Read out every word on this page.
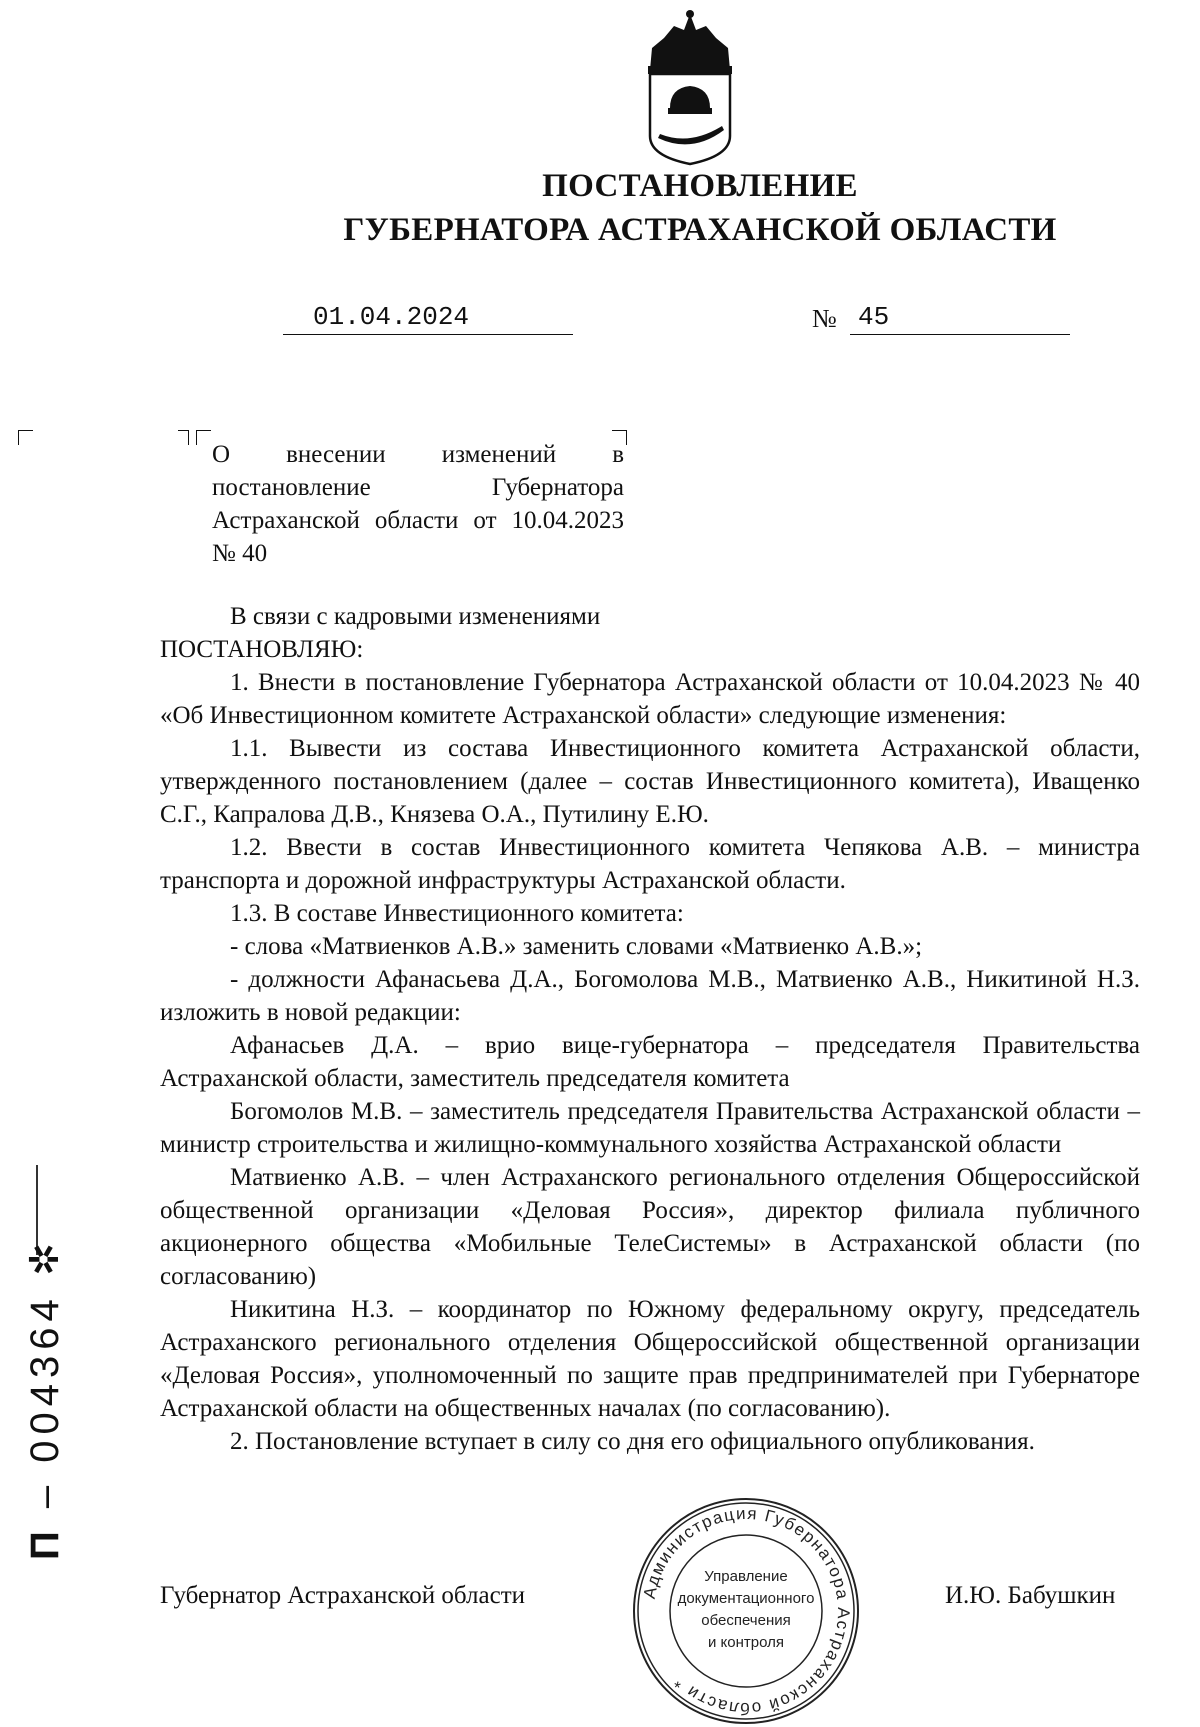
ПОСТАНОВЛЕНИЕ
ГУБЕРНАТОРА АСТРАХАНСКОЙ ОБЛАСТИ
01.04.2024	№ 45
О внесении изменений в постановление Губернатора Астраханской области от 10.04.2023 № 40

В связи с кадровыми изменениями

ПОСТАНОВЛЯЮ:

1. Внести в постановление Губернатора Астраханской области от 10.04.2023 № 40 «Об Инвестиционном комитете Астраханской области» следующие изменения:

1.1. Вывести из состава Инвестиционного комитета Астраханской области, утвержденного постановлением (далее – состав Инвестиционного комитета), Иващенко С.Г., Капралова Д.В., Князева О.А., Путилину Е.Ю.

1.2. Ввести в состав Инвестиционного комитета Чепякова А.В. – министра транспорта и дорожной инфраструктуры Астраханской области.

1.3. В составе Инвестиционного комитета:

- слова «Матвиенков А.В.» заменить словами «Матвиенко А.В.»;

- должности Афанасьева Д.А., Богомолова М.В., Матвиенко А.В., Никитиной Н.З. изложить в новой редакции:

Афанасьев Д.А. – врио вице-губернатора – председателя Правительства Астраханской области, заместитель председателя комитета

Богомолов М.В. – заместитель председателя Правительства Астраханской области – министр строительства и жилищно-коммунального хозяйства Астраханской области

Матвиенко А.В. – член Астраханского регионального отделения Общероссийской общественной организации «Деловая Россия», директор филиала публичного акционерного общества «Мобильные ТелеСистемы» в Астраханской области (по согласованию)

Никитина Н.З. – координатор по Южному федеральному округу, председатель Астраханского регионального отделения Общероссийской общественной организации «Деловая Россия», уполномоченный по защите прав предпринимателей при Губернаторе Астраханской области на общественных началах (по согласованию).

2. Постановление вступает в силу со дня его официального опубликования.

Губернатор Астраханской области	И.Ю. Бабушкин
Администрация Губернатора Астраханской области *
Управление
документационного
обеспечения
и контроля
П – 004364 ✲
